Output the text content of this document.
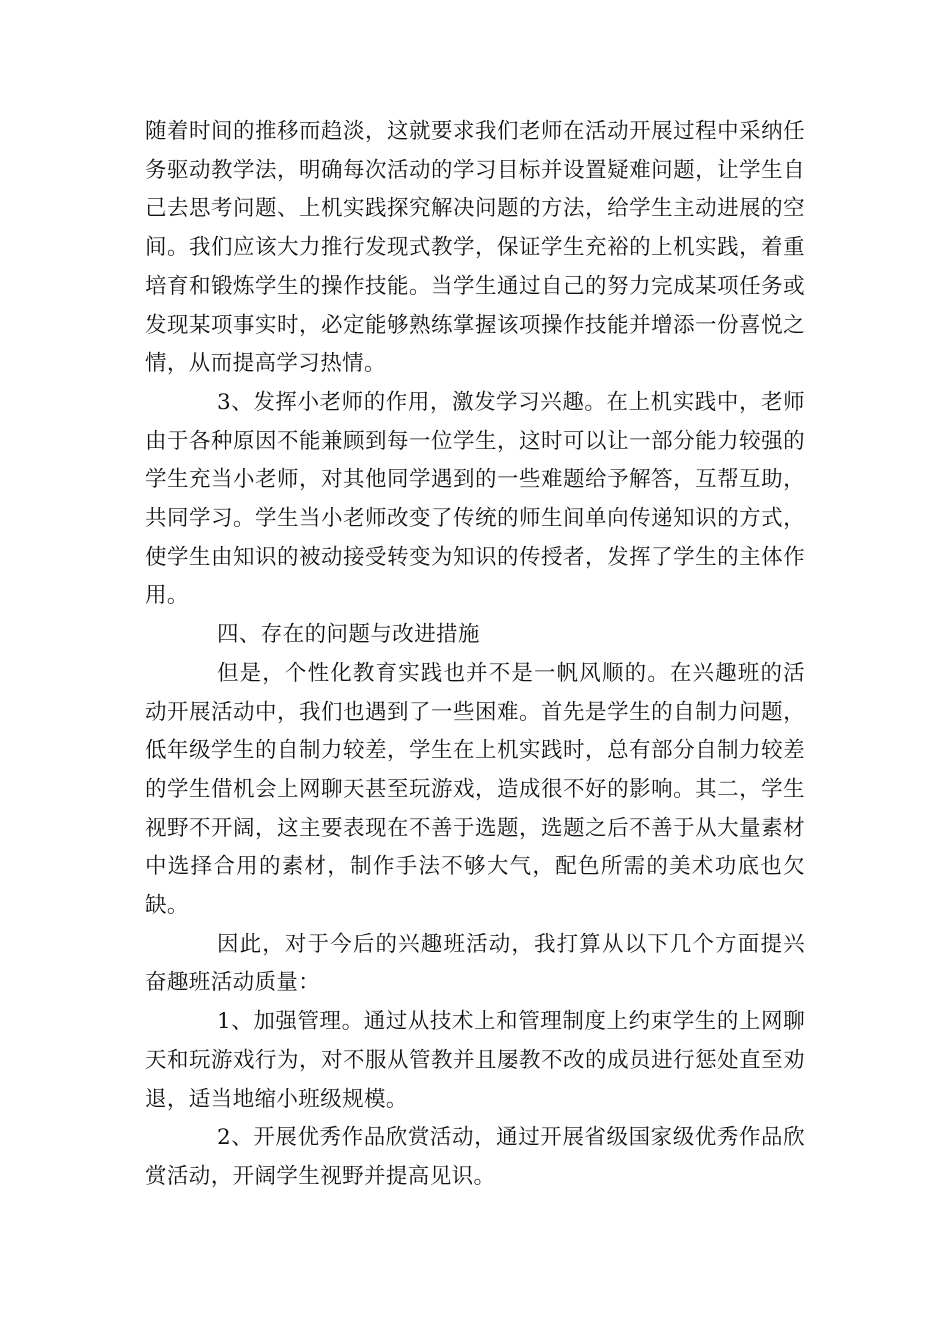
随着时间的推移而趋淡，这就要求我们老师在活动开展过程中采纳任务驱动教学法，明确每次活动的学习目标并设置疑难问题，让学生自己去思考问题、上机实践探究解决问题的方法，给学生主动进展的空间。我们应该大力推行发现式教学，保证学生充裕的上机实践，着重培育和锻炼学生的操作技能。当学生通过自己的努力完成某项任务或发现某项事实时，必定能够熟练掌握该项操作技能并增添一份喜悦之情，从而提高学习热情。

3、发挥小老师的作用，激发学习兴趣。在上机实践中，老师由于各种原因不能兼顾到每一位学生，这时可以让一部分能力较强的学生充当小老师，对其他同学遇到的一些难题给予解答，互帮互助，共同学习。学生当小老师改变了传统的师生间单向传递知识的方式，使学生由知识的被动接受转变为知识的传授者，发挥了学生的主体作用。

四、存在的问题与改进措施

但是，个性化教育实践也并不是一帆风顺的。在兴趣班的活动开展活动中，我们也遇到了一些困难。首先是学生的自制力问题，低年级学生的自制力较差，学生在上机实践时，总有部分自制力较差的学生借机会上网聊天甚至玩游戏，造成很不好的影响。其二，学生视野不开阔，这主要表现在不善于选题，选题之后不善于从大量素材中选择合用的素材，制作手法不够大气，配色所需的美术功底也欠缺。

因此，对于今后的兴趣班活动，我打算从以下几个方面提兴奋趣班活动质量：

1、加强管理。通过从技术上和管理制度上约束学生的上网聊天和玩游戏行为，对不服从管教并且屡教不改的成员进行惩处直至劝退，适当地缩小班级规模。

2、开展优秀作品欣赏活动，通过开展省级国家级优秀作品欣赏活动，开阔学生视野并提高见识。
